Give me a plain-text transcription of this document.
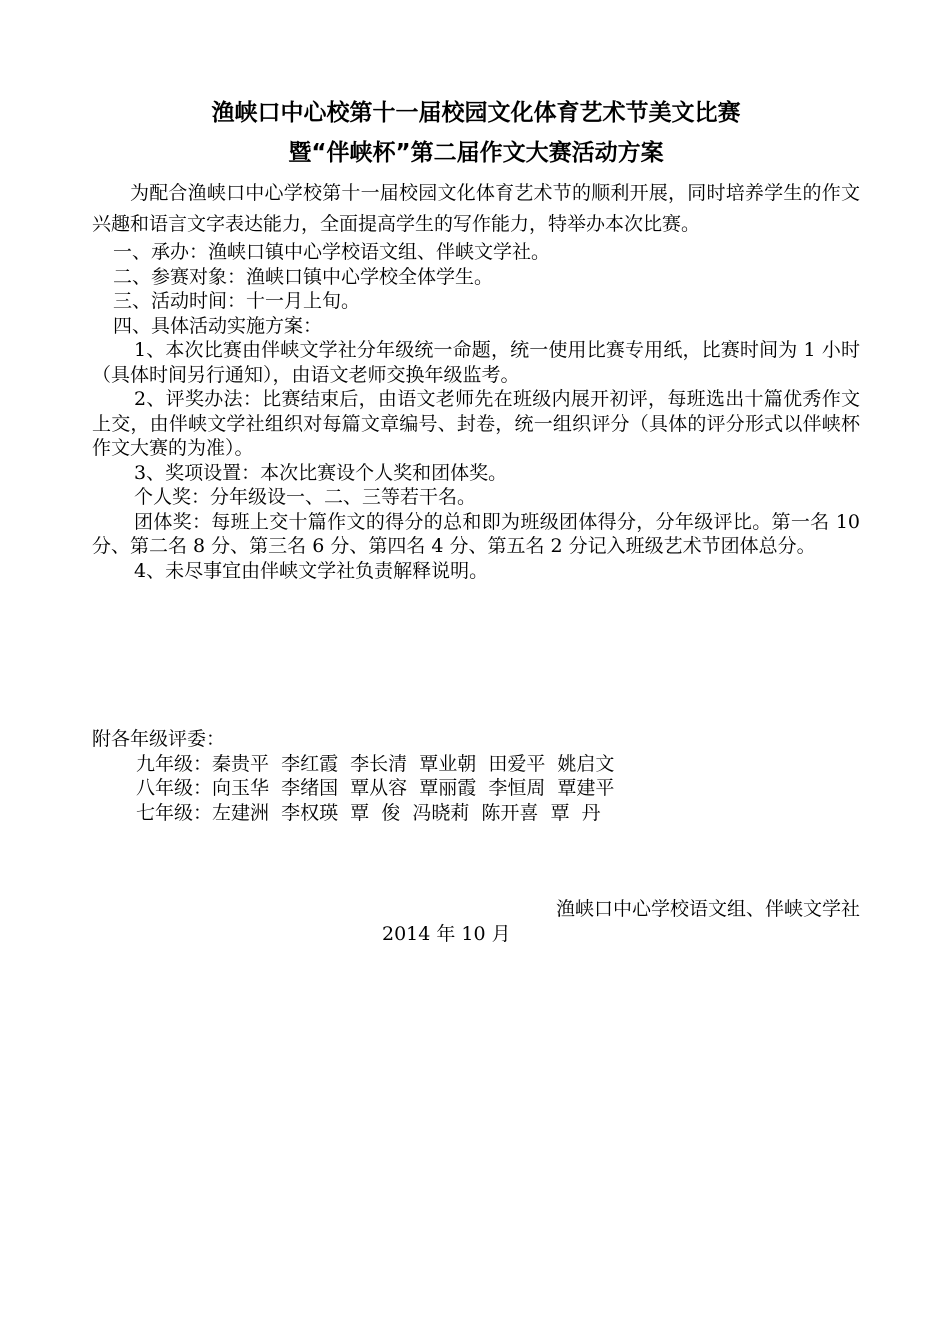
渔峡口中心校第十一届校园文化体育艺术节美文比赛

暨“伴峡杯”第二届作文大赛活动方案

为配合渔峡口中心学校第十一届校园文化体育艺术节的顺利开展，同时培养学生的作文兴趣和语言文字表达能力，全面提高学生的写作能力，特举办本次比赛。

一、承办：渔峡口镇中心学校语文组、伴峡文学社。

二、参赛对象：渔峡口镇中心学校全体学生。

三、活动时间：十一月上旬。

四、具体活动实施方案：

1、本次比赛由伴峡文学社分年级统一命题，统一使用比赛专用纸，比赛时间为 1 小时（具体时间另行通知），由语文老师交换年级监考。

2、评奖办法：比赛结束后，由语文老师先在班级内展开初评，每班选出十篇优秀作文上交，由伴峡文学社组织对每篇文章编号、封卷，统一组织评分（具体的评分形式以伴峡杯作文大赛的为准）。

3、奖项设置：本次比赛设个人奖和团体奖。

个人奖：分年级设一、二、三等若干名。

团体奖：每班上交十篇作文的得分的总和即为班级团体得分，分年级评比。第一名 10 分、第二名 8 分、第三名 6 分、第四名 4 分、第五名 2 分记入班级艺术节团体总分。

4、未尽事宜由伴峡文学社负责解释说明。

附各年级评委：

九年级：秦贵平  李红霞  李长清  覃业朝  田爱平  姚启文

八年级：向玉华  李绪国  覃从容  覃丽霞  李恒周  覃建平

七年级：左建洲  李权瑛  覃  俊  冯晓莉  陈开喜  覃  丹

渔峡口中心学校语文组、伴峡文学社

2014 年 10 月
